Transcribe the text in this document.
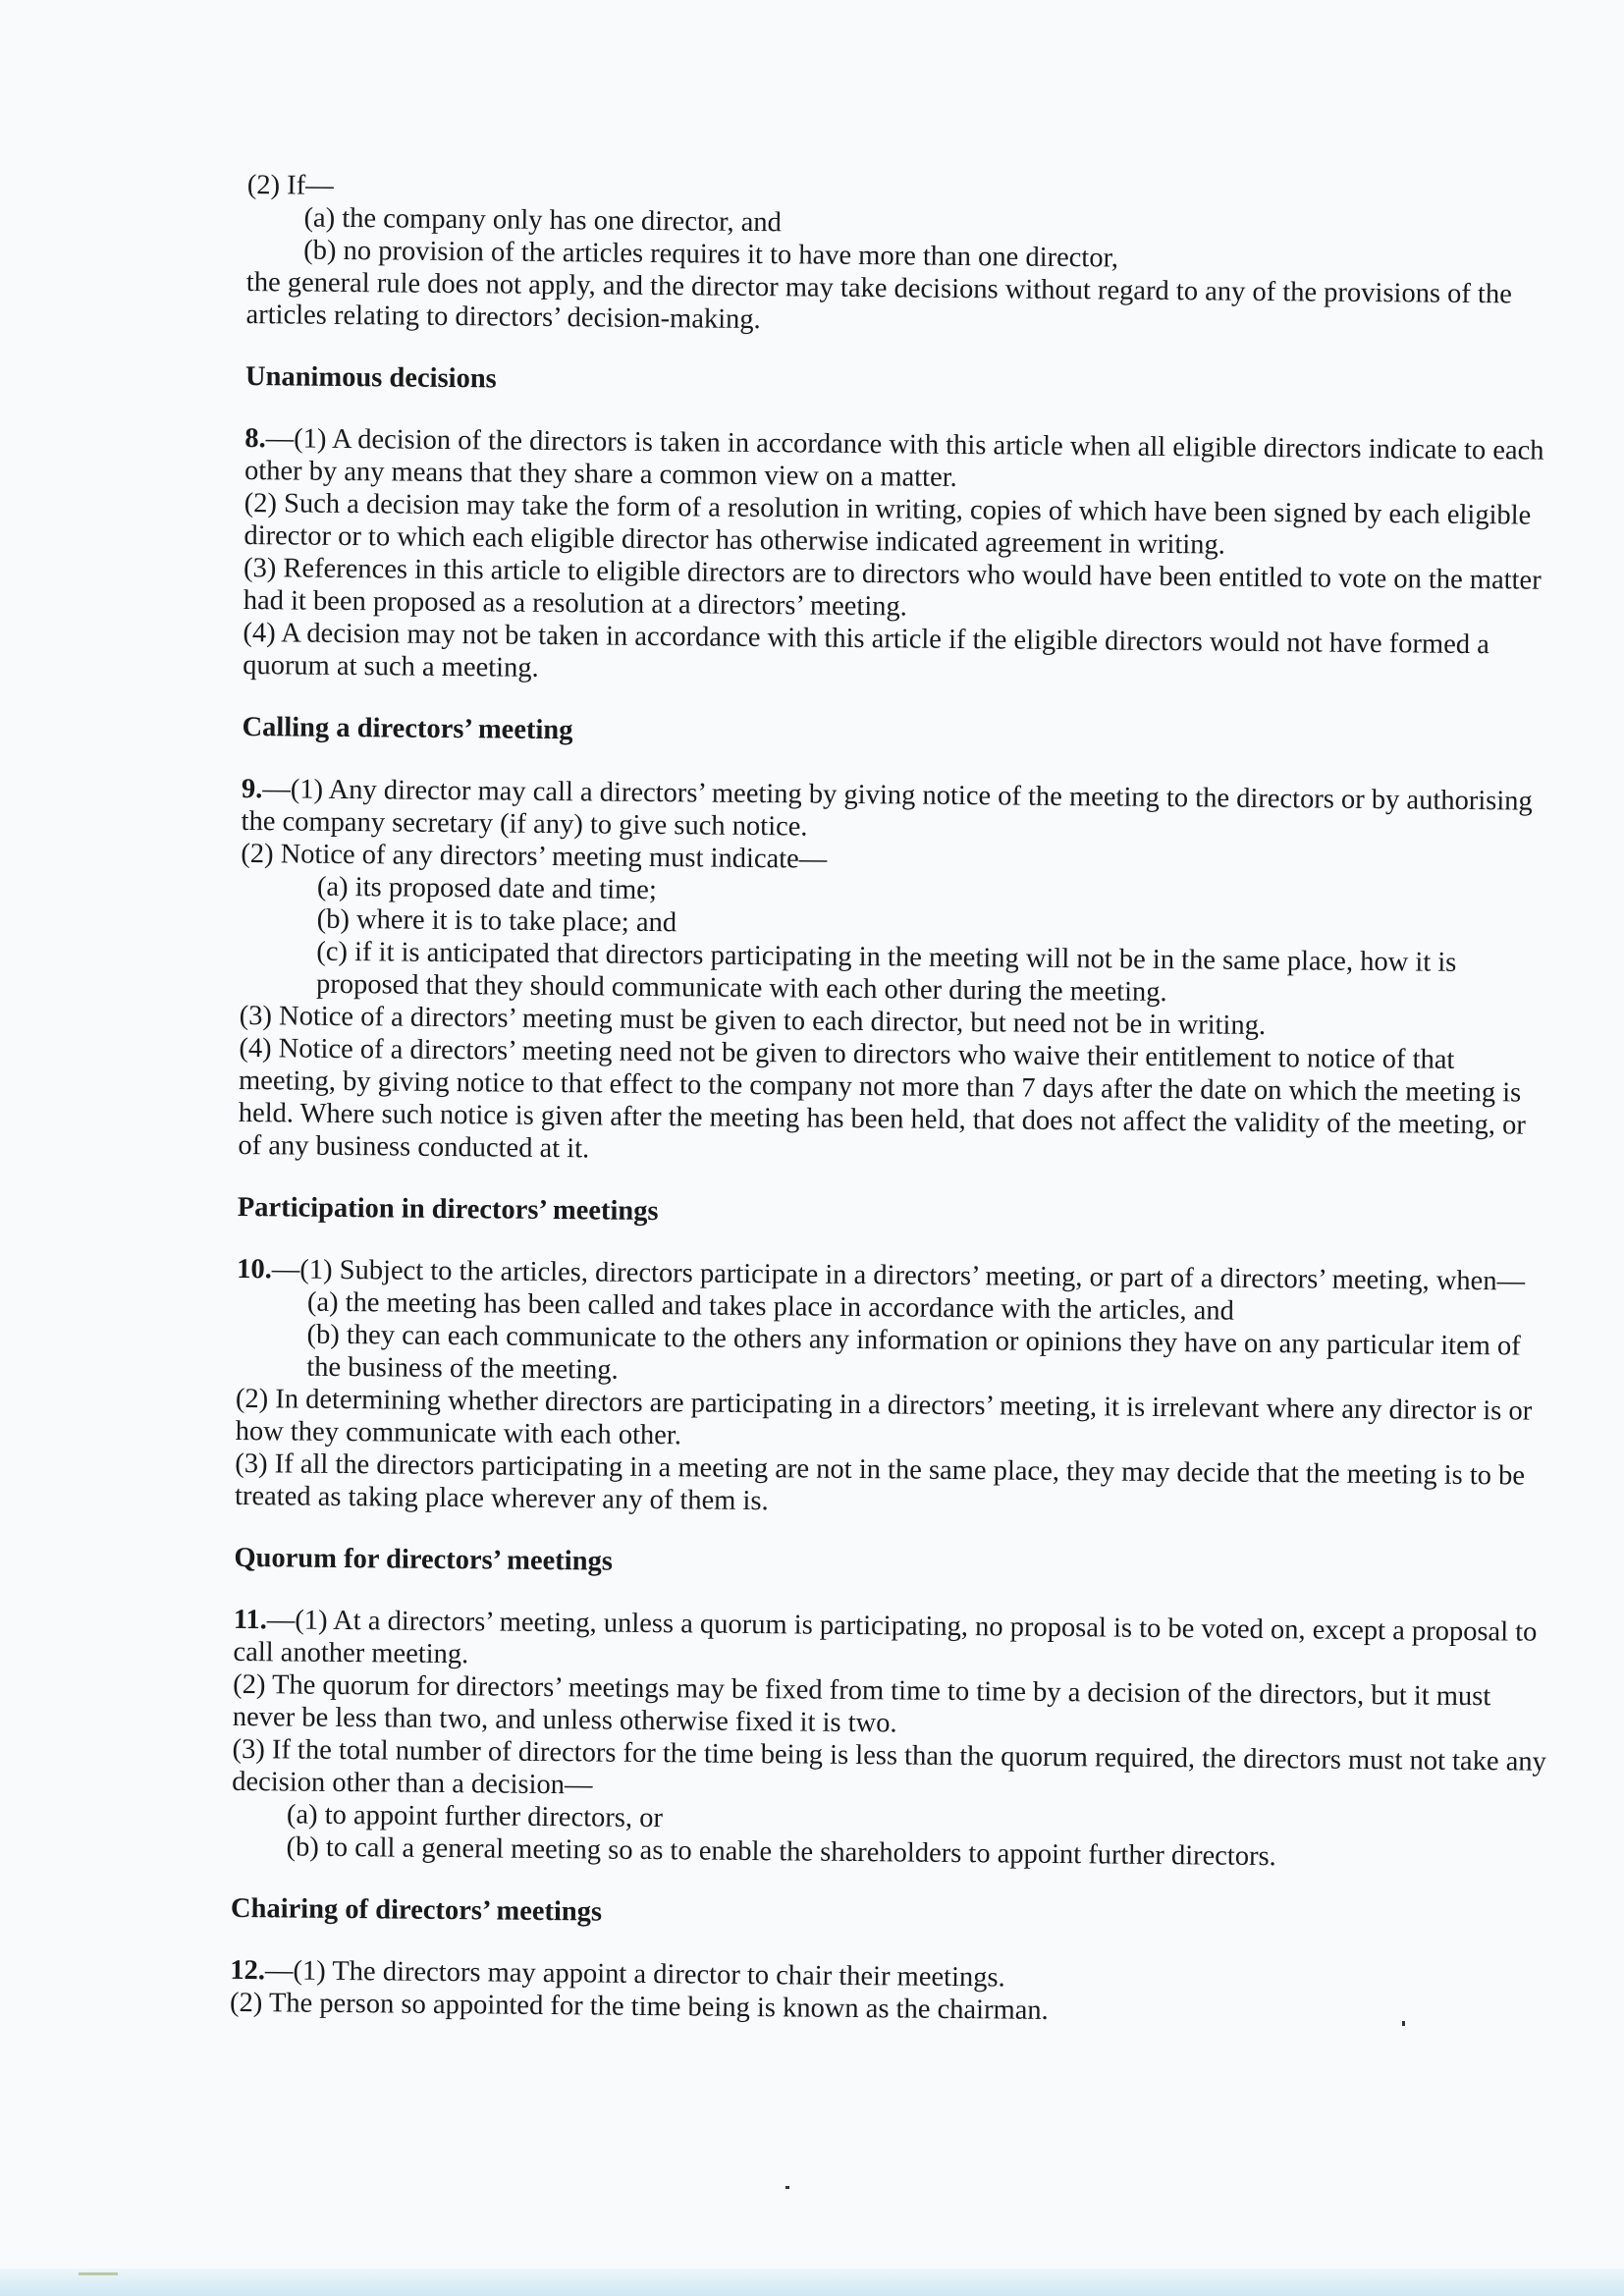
(2) If—

(a) the company only has one director, and

(b) no provision of the articles requires it to have more than one director,

the general rule does not apply, and the director may take decisions without regard to any of the provisions of the articles relating to directors’ decision-making.

Unanimous decisions

8.—(1) A decision of the directors is taken in accordance with this article when all eligible directors indicate to each other by any means that they share a common view on a matter.

(2) Such a decision may take the form of a resolution in writing, copies of which have been signed by each eligible director or to which each eligible director has otherwise indicated agreement in writing.

(3) References in this article to eligible directors are to directors who would have been entitled to vote on the matter had it been proposed as a resolution at a directors’ meeting.

(4) A decision may not be taken in accordance with this article if the eligible directors would not have formed a quorum at such a meeting.

Calling a directors’ meeting

9.—(1) Any director may call a directors’ meeting by giving notice of the meeting to the directors or by authorising the company secretary (if any) to give such notice.

(2) Notice of any directors’ meeting must indicate—

(a) its proposed date and time;

(b) where it is to take place; and

(c) if it is anticipated that directors participating in the meeting will not be in the same place, how it is proposed that they should communicate with each other during the meeting.

(3) Notice of a directors’ meeting must be given to each director, but need not be in writing.

(4) Notice of a directors’ meeting need not be given to directors who waive their entitlement to notice of that meeting, by giving notice to that effect to the company not more than 7 days after the date on which the meeting is held. Where such notice is given after the meeting has been held, that does not affect the validity of the meeting, or of any business conducted at it.

Participation in directors’ meetings

10.—(1) Subject to the articles, directors participate in a directors’ meeting, or part of a directors’ meeting, when—

(a) the meeting has been called and takes place in accordance with the articles, and

(b) they can each communicate to the others any information or opinions they have on any particular item of the business of the meeting.

(2) In determining whether directors are participating in a directors’ meeting, it is irrelevant where any director is or how they communicate with each other.

(3) If all the directors participating in a meeting are not in the same place, they may decide that the meeting is to be treated as taking place wherever any of them is.

Quorum for directors’ meetings

11.—(1) At a directors’ meeting, unless a quorum is participating, no proposal is to be voted on, except a proposal to call another meeting.

(2) The quorum for directors’ meetings may be fixed from time to time by a decision of the directors, but it must never be less than two, and unless otherwise fixed it is two.

(3) If the total number of directors for the time being is less than the quorum required, the directors must not take any decision other than a decision—

(a) to appoint further directors, or

(b) to call a general meeting so as to enable the shareholders to appoint further directors.

Chairing of directors’ meetings

12.—(1) The directors may appoint a director to chair their meetings.

(2) The person so appointed for the time being is known as the chairman.
